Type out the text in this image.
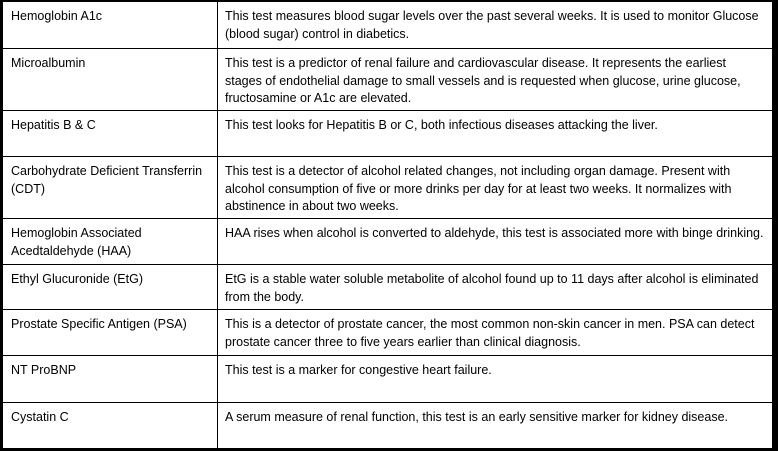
Hemoglobin A1c	This test measures blood sugar levels over the past several weeks. It is used to monitor Glucose (blood sugar) control in diabetics.
Microalbumin	This test is a predictor of renal failure and cardiovascular disease. It represents the earliest stages of endothelial damage to small vessels and is requested when glucose, urine glucose, fructosamine or A1c are elevated.
Hepatitis B & C	This test looks for Hepatitis B or C, both infectious diseases attacking the liver.
Carbohydrate Deficient Transferrin (CDT)	This test is a detector of alcohol related changes, not including organ damage. Present with alcohol consumption of five or more drinks per day for at least two weeks. It normalizes with abstinence in about two weeks.
Hemoglobin Associated Acedtaldehyde (HAA)	HAA rises when alcohol is converted to aldehyde, this test is associated more with binge drinking.
Ethyl Glucuronide (EtG)	EtG is a stable water soluble metabolite of alcohol found up to 11 days after alcohol is eliminated from the body.
Prostate Specific Antigen (PSA)	This is a detector of prostate cancer, the most common non-skin cancer in men. PSA can detect prostate cancer three to five years earlier than clinical diagnosis.
NT ProBNP	This test is a marker for congestive heart failure.
Cystatin C	A serum measure of renal function, this test is an early sensitive marker for kidney disease.
